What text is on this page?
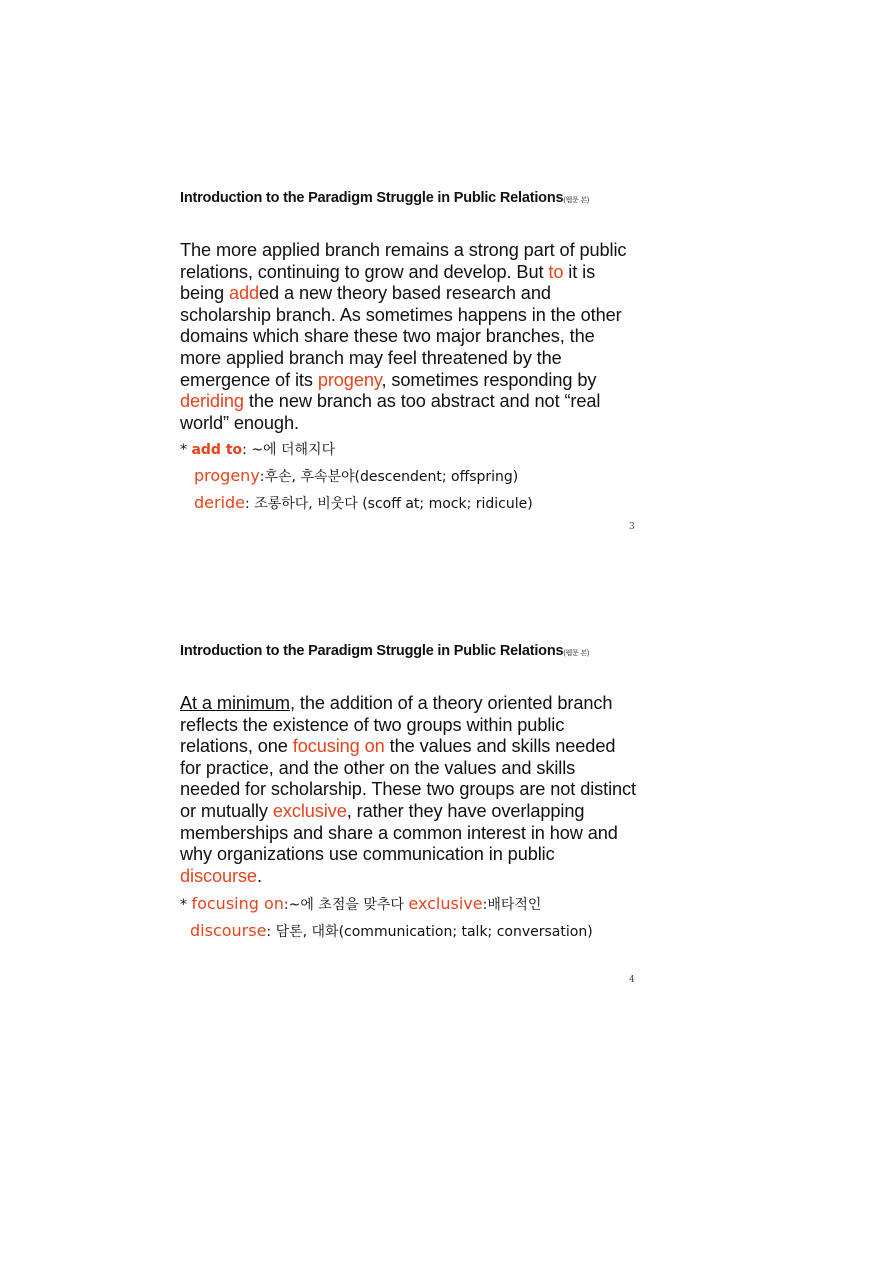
Introduction to the Paradigm Struggle in Public Relations(웹문 본)

The more applied branch remains a strong part of public relations, continuing to grow and develop. But to it is being added a new theory based research and scholarship branch. As sometimes happens in the other domains which share these two major branches, the more applied branch may feel threatened by the emergence of its progeny, sometimes responding by deriding the new branch as too abstract and not “real world” enough.

* add to: ~에 더해지다
progeny:후손, 후속분야(descendent; offspring)
deride: 조롱하다, 비웃다 (scoff at; mock; ridicule)
3
Introduction to the Paradigm Struggle in Public Relations(웹문 본)

At a minimum, the addition of a theory oriented branch reflects the existence of two groups within public relations, one focusing on the values and skills needed for practice, and the other on the values and skills needed for scholarship. These two groups are not distinct or mutually exclusive, rather they have overlapping memberships and share a common interest in how and why organizations use communication in public discourse.

* focusing on:~에 초점을 맞추다 exclusive:배타적인
discourse: 담론, 대화(communication; talk; conversation)
4
